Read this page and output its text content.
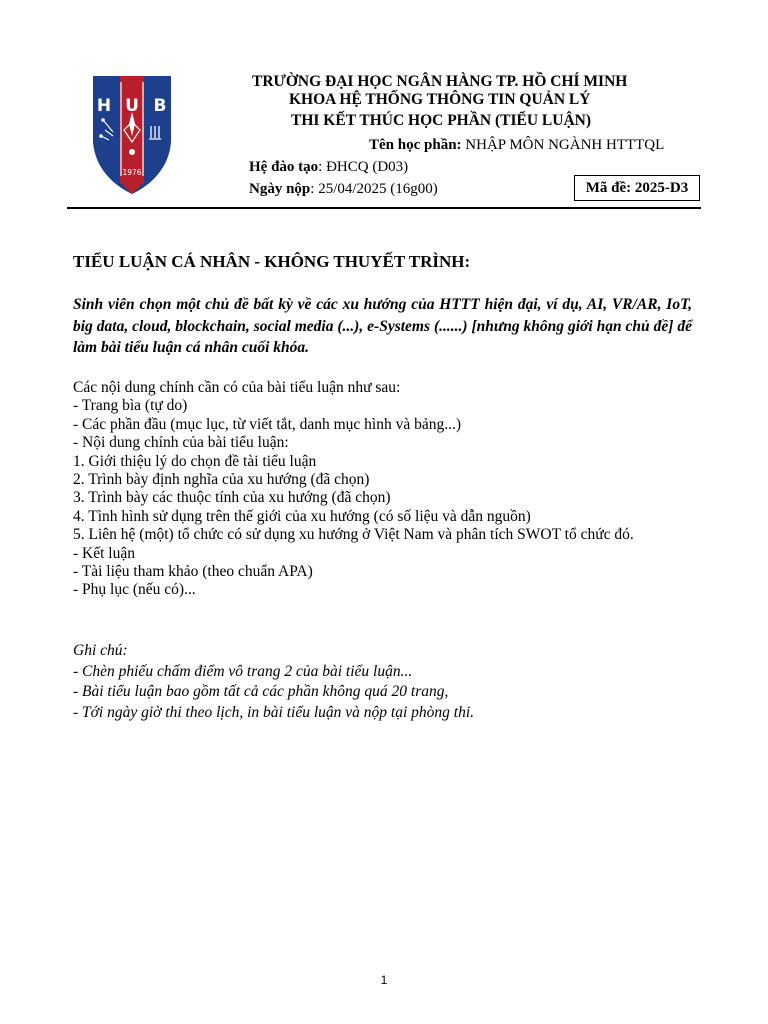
H U B
1976
TRƯỜNG ĐẠI HỌC NGÂN HÀNG TP. HỒ CHÍ MINH
KHOA HỆ THỐNG THÔNG TIN QUẢN LÝ
THI KẾT THÚC HỌC PHẦN (TIỂU LUẬN)
Tên học phần: NHẬP MÔN NGÀNH HTTTQL
Hệ đào tạo: ĐHCQ (D03)
Ngày nộp: 25/04/2025 (16g00)	Mã đề: 2025-D3
TIỂU LUẬN CÁ NHÂN - KHÔNG THUYẾT TRÌNH:

Sinh viên chọn một chủ đề bất kỳ về các xu hướng của HTTT hiện đại, ví dụ, AI, VR/AR, IoT, big data, cloud, blockchain, social media (...), e-Systems (......) [nhưng không giới hạn chủ đề] để làm bài tiểu luận cá nhân cuối khóa.

Các nội dung chính cần có của bài tiểu luận như sau:
- Trang bìa (tự do)
- Các phần đầu (mục lục, từ viết tắt, danh mục hình và bảng...)
- Nội dung chính của bài tiểu luận:
1. Giới thiệu lý do chọn đề tài tiểu luận
2. Trình bày định nghĩa của xu hướng (đã chọn)
3. Trình bày các thuộc tính của xu hướng (đã chọn)
4. Tình hình sử dụng trên thế giới của xu hướng (có số liệu và dẫn nguồn)
5. Liên hệ (một) tổ chức có sử dụng xu hướng ở Việt Nam và phân tích SWOT tổ chức đó.
- Kết luận
- Tài liệu tham khảo (theo chuẩn APA)
- Phụ lục (nếu có)...
Ghi chú:
- Chèn phiếu chấm điểm vô trang 2 của bài tiểu luận...
- Bài tiểu luận bao gồm tất cả các phần không quá 20 trang,
- Tới ngày giờ thi theo lịch, in bài tiểu luận và nộp tại phòng thi.
1
